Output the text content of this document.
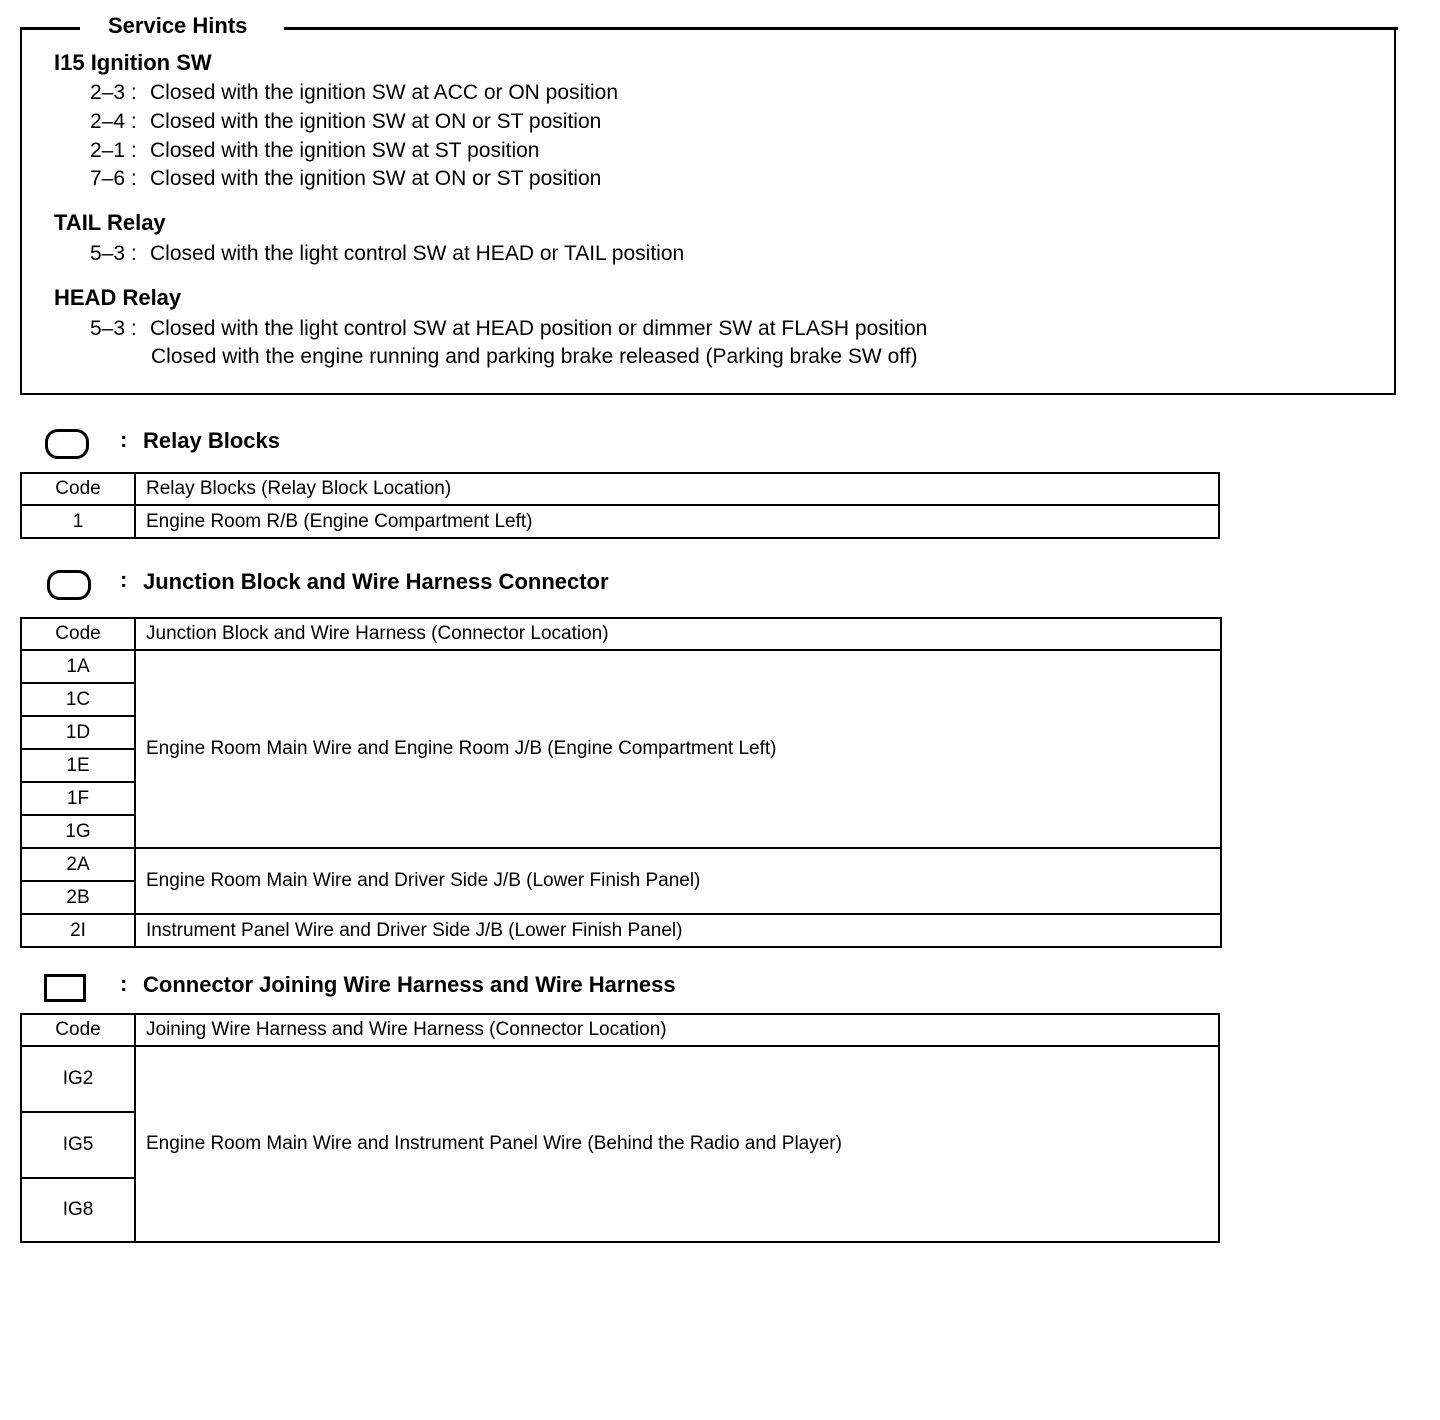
Service Hints
I15 Ignition SW
2–3 : Closed with the ignition SW at ACC or ON position
2–4 : Closed with the ignition SW at ON or ST position
2–1 : Closed with the ignition SW at ST position
7–6 : Closed with the ignition SW at ON or ST position
TAIL Relay
5–3 : Closed with the light control SW at HEAD or TAIL position
HEAD Relay
5–3 : Closed with the light control SW at HEAD position or dimmer SW at FLASH position
Closed with the engine running and parking brake released (Parking brake SW off)
: Relay Blocks
Code	Relay Blocks (Relay Block Location)
1	Engine Room R/B (Engine Compartment Left)
: Junction Block and Wire Harness Connector
Code	Junction Block and Wire Harness (Connector Location)
1A	Engine Room Main Wire and Engine Room J/B (Engine Compartment Left)
1C	
1D	
1E	
1F	
1G	
2A	Engine Room Main Wire and Driver Side J/B (Lower Finish Panel)
2B	
2I	Instrument Panel Wire and Driver Side J/B (Lower Finish Panel)
: Connector Joining Wire Harness and Wire Harness
Code	Joining Wire Harness and Wire Harness (Connector Location)
IG2	Engine Room Main Wire and Instrument Panel Wire (Behind the Radio and Player)
IG5	
IG8	
